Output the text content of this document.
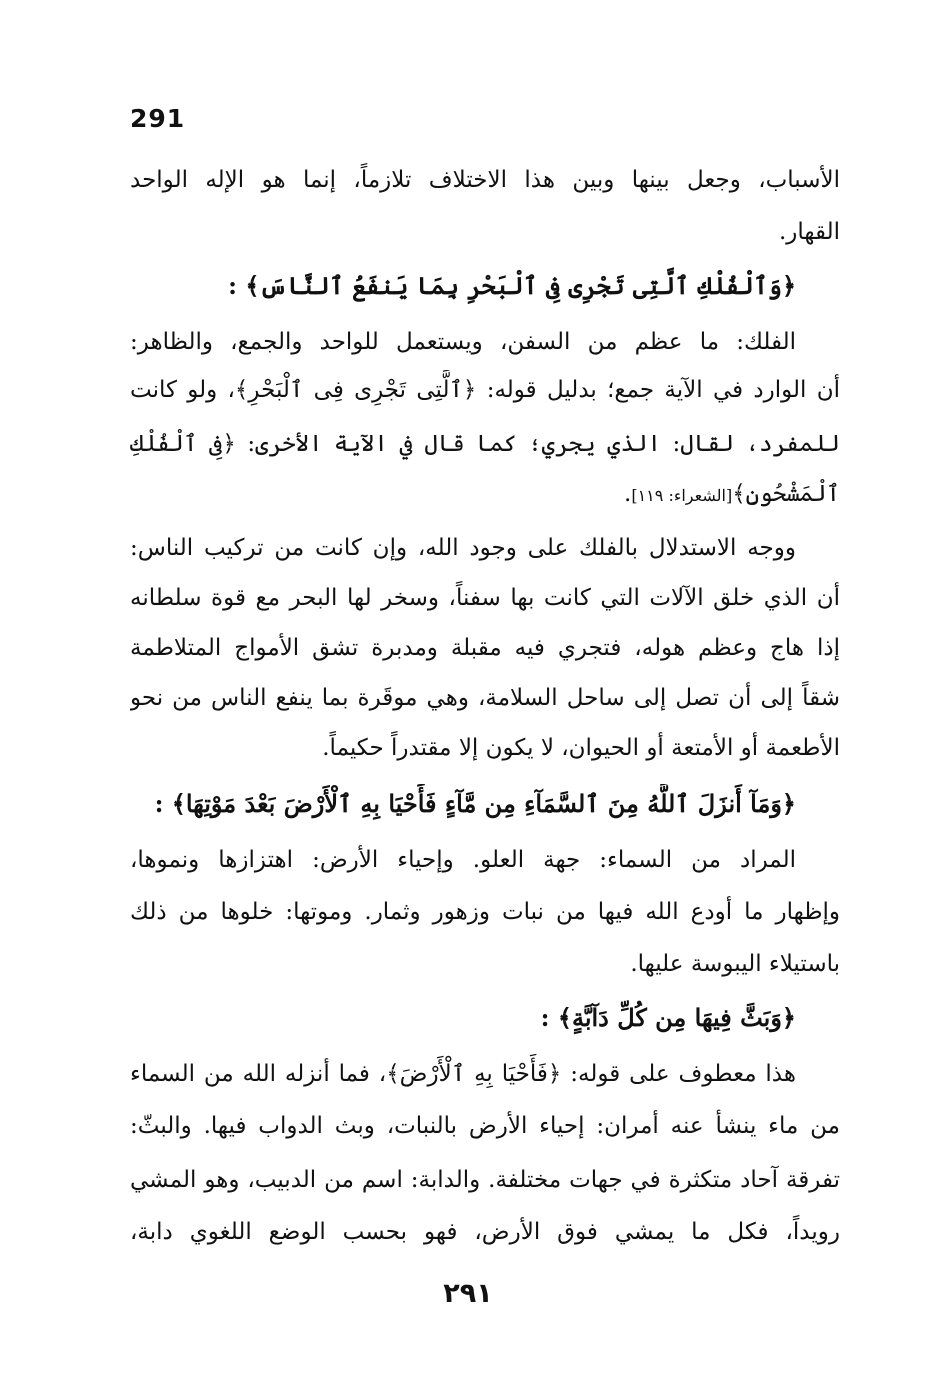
291
الأسباب، وجعل بينها وبين هذا الاختلاف تلازماً، إنما هو الإله الواحد
القهار.
﴿وَٱلْفُلْكِ ٱلَّتِى تَجْرِى فِى ٱلْبَحْرِ بِمَا يَنفَعُ ٱلنَّاسَ﴾ :
الفلك: ما عظم من السفن، ويستعمل للواحد والجمع، والظاهر:
أن الوارد في الآية جمع؛ بدليل قوله: ﴿ٱلَّتِى تَجْرِى فِى ٱلْبَحْرِ﴾، ولو كانت
للمفرد، لقال: الذي يجري؛ كما قال في الآية الأخرى: ﴿فِى ٱلْفُلْكِ
ٱلْمَشْحُونِ﴾[الشعراء: ١١٩].
ووجه الاستدلال بالفلك على وجود الله، وإن كانت من تركيب الناس:
أن الذي خلق الآلات التي كانت بها سفناً، وسخر لها البحر مع قوة سلطانه
إذا هاج وعظم هوله، فتجري فيه مقبلة ومدبرة تشق الأمواج المتلاطمة
شقاً إلى أن تصل إلى ساحل السلامة، وهي موقَرة بما ينفع الناس من نحو
الأطعمة أو الأمتعة أو الحيوان، لا يكون إلا مقتدراً حكيماً.
﴿وَمَآ أَنزَلَ ٱللَّهُ مِنَ ٱلسَّمَآءِ مِن مَّآءٍ فَأَحْيَا بِهِ ٱلْأَرْضَ بَعْدَ مَوْتِهَا﴾ :
المراد من السماء: جهة العلو. وإحياء الأرض: اهتزازها ونموها،
وإظهار ما أودع الله فيها من نبات وزهور وثمار. وموتها: خلوها من ذلك
باستيلاء اليبوسة عليها.
﴿وَبَثَّ فِيهَا مِن كُلِّ دَآبَّةٍ﴾ :
هذا معطوف على قوله: ﴿فَأَحْيَا بِهِ ٱلْأَرْضَ﴾، فما أنزله الله من السماء
من ماء ينشأ عنه أمران: إحياء الأرض بالنبات، وبث الدواب فيها. والبثّ:
تفرقة آحاد متكثرة في جهات مختلفة. والدابة: اسم من الدبيب، وهو المشي
رويداً، فكل ما يمشي فوق الأرض، فهو بحسب الوضع اللغوي دابة،
٢٩١
